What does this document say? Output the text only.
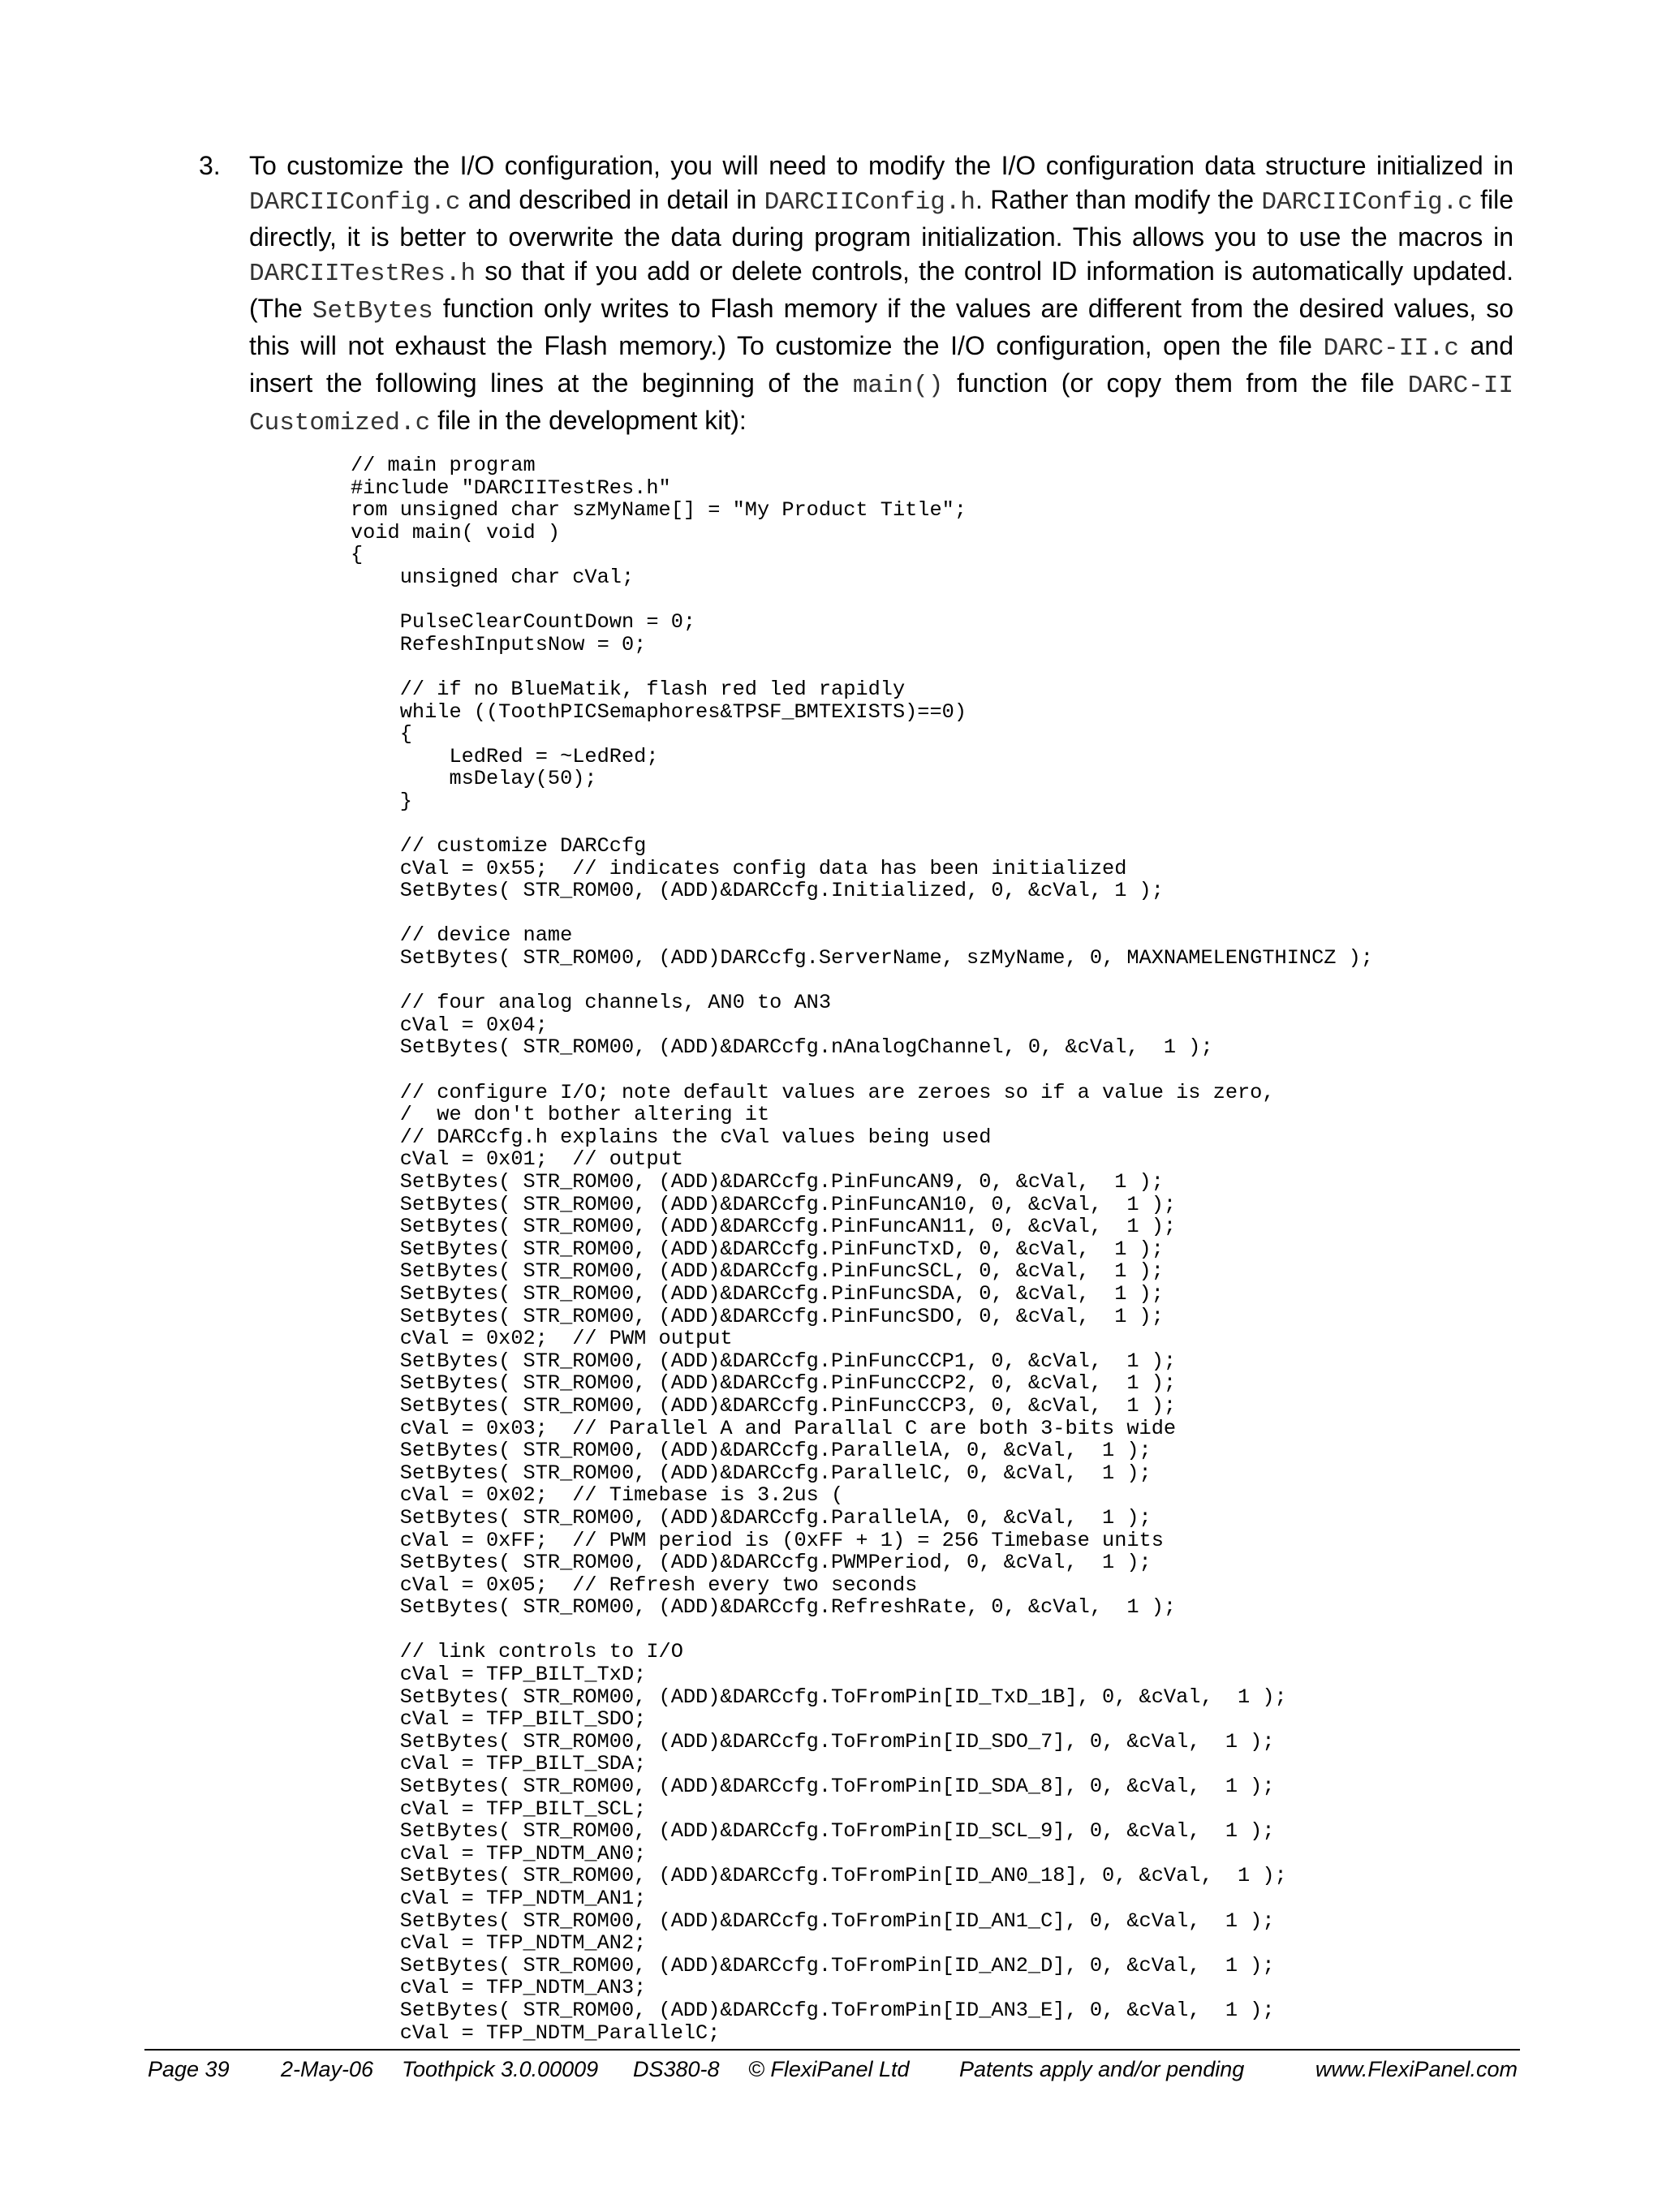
3. To customize the I/O configuration, you will need to modify the I/O configuration data structure initialized in DARCIIConfig.c and described in detail in DARCIIConfig.h. Rather than modify the DARCIIConfig.c file directly, it is better to overwrite the data during program initialization. This allows you to use the macros in DARCIITestRes.h so that if you add or delete controls, the control ID information is automatically updated. (The SetBytes function only writes to Flash memory if the values are different from the desired values, so this will not exhaust the Flash memory.) To customize the I/O configuration, open the file DARC-II.c and insert the following lines at the beginning of the main() function (or copy them from the file DARC-II Customized.c file in the development kit):
// main program
#include "DARCIITestRes.h"
rom unsigned char szMyName[] = "My Product Title";
void main( void )
{
unsigned char cVal;

PulseClearCountDown = 0;
RefeshInputsNow = 0;

// if no BlueMatik, flash red led rapidly
while ((ToothPICSemaphores&TPSF_BMTEXISTS)==0)
{
LedRed = ~LedRed;
msDelay(50);
}

// customize DARCcfg
cVal = 0x55;  // indicates config data has been initialized
SetBytes( STR_ROM00, (ADD)&DARCcfg.Initialized, 0, &cVal, 1 );

// device name
SetBytes( STR_ROM00, (ADD)DARCcfg.ServerName, szMyName, 0, MAXNAMELENGTHINCZ );

// four analog channels, AN0 to AN3
cVal = 0x04;
SetBytes( STR_ROM00, (ADD)&DARCcfg.nAnalogChannel, 0, &cVal,  1 );

// configure I/O; note default values are zeroes so if a value is zero,
/  we don't bother altering it
// DARCcfg.h explains the cVal values being used
cVal = 0x01;  // output
SetBytes( STR_ROM00, (ADD)&DARCcfg.PinFuncAN9, 0, &cVal,  1 );
SetBytes( STR_ROM00, (ADD)&DARCcfg.PinFuncAN10, 0, &cVal,  1 );
SetBytes( STR_ROM00, (ADD)&DARCcfg.PinFuncAN11, 0, &cVal,  1 );
SetBytes( STR_ROM00, (ADD)&DARCcfg.PinFuncTxD, 0, &cVal,  1 );
SetBytes( STR_ROM00, (ADD)&DARCcfg.PinFuncSCL, 0, &cVal,  1 );
SetBytes( STR_ROM00, (ADD)&DARCcfg.PinFuncSDA, 0, &cVal,  1 );
SetBytes( STR_ROM00, (ADD)&DARCcfg.PinFuncSDO, 0, &cVal,  1 );
cVal = 0x02;  // PWM output
SetBytes( STR_ROM00, (ADD)&DARCcfg.PinFuncCCP1, 0, &cVal,  1 );
SetBytes( STR_ROM00, (ADD)&DARCcfg.PinFuncCCP2, 0, &cVal,  1 );
SetBytes( STR_ROM00, (ADD)&DARCcfg.PinFuncCCP3, 0, &cVal,  1 );
cVal = 0x03;  // Parallel A and Parallal C are both 3-bits wide
SetBytes( STR_ROM00, (ADD)&DARCcfg.ParallelA, 0, &cVal,  1 );
SetBytes( STR_ROM00, (ADD)&DARCcfg.ParallelC, 0, &cVal,  1 );
cVal = 0x02;  // Timebase is 3.2us (
SetBytes( STR_ROM00, (ADD)&DARCcfg.ParallelA, 0, &cVal,  1 );
cVal = 0xFF;  // PWM period is (0xFF + 1) = 256 Timebase units
SetBytes( STR_ROM00, (ADD)&DARCcfg.PWMPeriod, 0, &cVal,  1 );
cVal = 0x05;  // Refresh every two seconds
SetBytes( STR_ROM00, (ADD)&DARCcfg.RefreshRate, 0, &cVal,  1 );

// link controls to I/O
cVal = TFP_BILT_TxD;
SetBytes( STR_ROM00, (ADD)&DARCcfg.ToFromPin[ID_TxD_1B], 0, &cVal,  1 );
cVal = TFP_BILT_SDO;
SetBytes( STR_ROM00, (ADD)&DARCcfg.ToFromPin[ID_SDO_7], 0, &cVal,  1 );
cVal = TFP_BILT_SDA;
SetBytes( STR_ROM00, (ADD)&DARCcfg.ToFromPin[ID_SDA_8], 0, &cVal,  1 );
cVal = TFP_BILT_SCL;
SetBytes( STR_ROM00, (ADD)&DARCcfg.ToFromPin[ID_SCL_9], 0, &cVal,  1 );
cVal = TFP_NDTM_AN0;
SetBytes( STR_ROM00, (ADD)&DARCcfg.ToFromPin[ID_AN0_18], 0, &cVal,  1 );
cVal = TFP_NDTM_AN1;
SetBytes( STR_ROM00, (ADD)&DARCcfg.ToFromPin[ID_AN1_C], 0, &cVal,  1 );
cVal = TFP_NDTM_AN2;
SetBytes( STR_ROM00, (ADD)&DARCcfg.ToFromPin[ID_AN2_D], 0, &cVal,  1 );
cVal = TFP_NDTM_AN3;
SetBytes( STR_ROM00, (ADD)&DARCcfg.ToFromPin[ID_AN3_E], 0, &cVal,  1 );
cVal = TFP_NDTM_ParallelC;

Page 39 2-May-06 Toothpick 3.0.00009 DS380-8 © FlexiPanel Ltd Patents apply and/or pending	www.FlexiPanel.com
